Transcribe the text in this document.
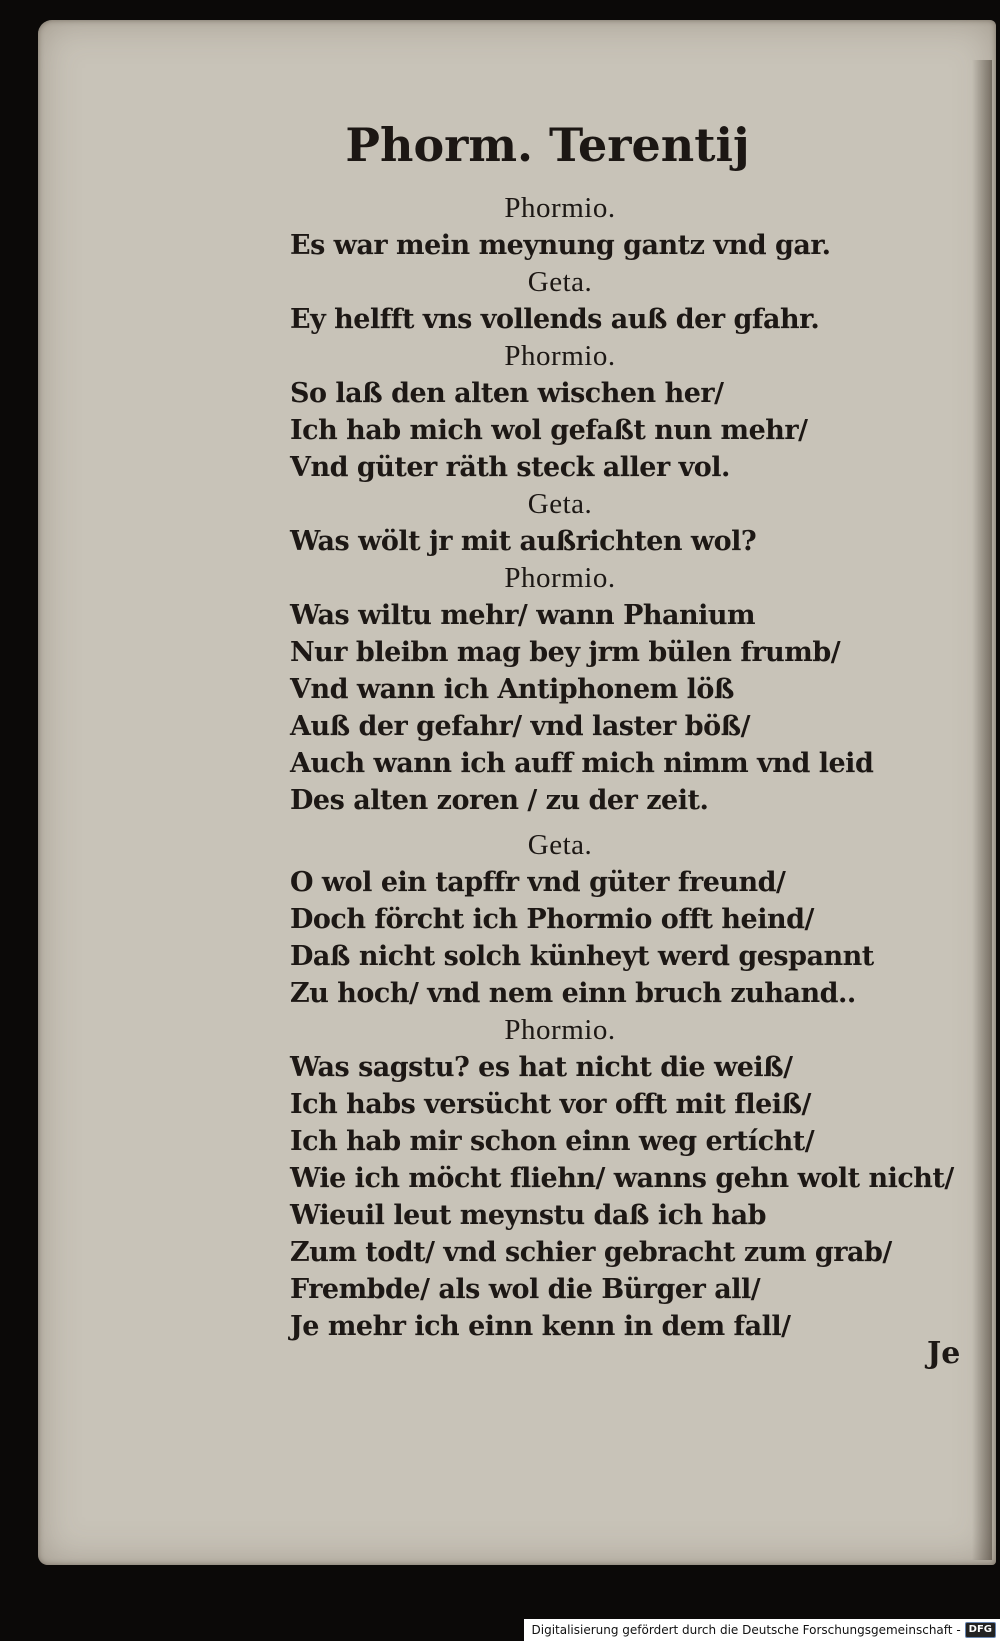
Phorm. Terentij
Phormio.
Es war mein meynung gantz vnd gar.
Geta.
Ey helfft vns vollends auß der gfahr.
Phormio.
So laß den alten wischen her/
Ich hab mich wol gefaßt nun mehr/
Vnd güter räth steck aller vol.
Geta.
Was wölt jr mit außrichten wol?
Phormio.
Was wiltu mehr/ wann Phanium
Nur bleibn mag bey jrm bülen frumb/
Vnd wann ich Antiphonem löß
Auß der gefahr/ vnd laster böß/
Auch wann ich auff mich nimm vnd leid
Des alten zoren / zu der zeit.
Geta.
O wol ein tapffr vnd güter freund/
Doch förcht ich Phormio offt heind/
Daß nicht solch künheyt werd gespannt
Zu hoch/ vnd nem einn bruch zuhand..
Phormio.
Was sagstu? es hat nicht die weiß/
Ich habs versücht vor offt mit fleiß/
Ich hab mir schon einn weg ertícht/
Wie ich möcht fliehn/ wanns gehn wolt nicht/
Wieuil leut meynstu daß ich hab
Zum todt/ vnd schier gebracht zum grab/
Frembde/ als wol die Bürger all/
Je mehr ich einn kenn in dem fall/
Je
Digitalisierung gefördert durch die Deutsche Forschungsgemeinschaft - DFG
